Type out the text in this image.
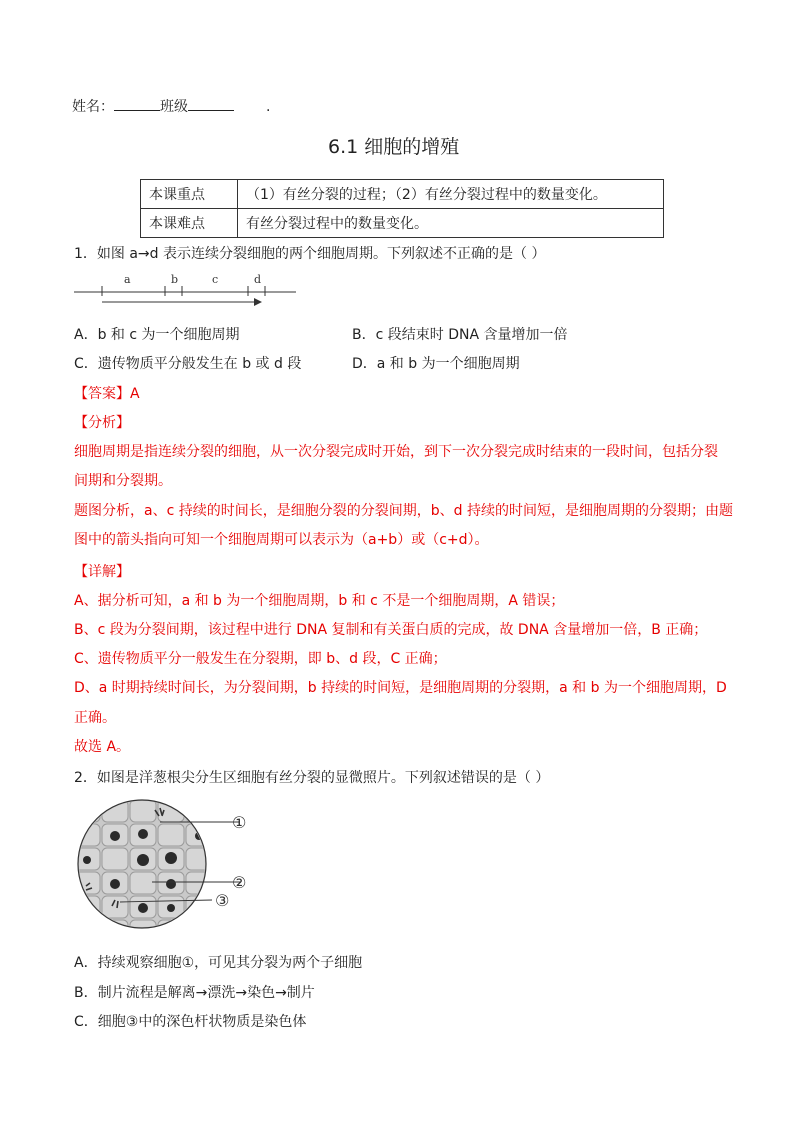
姓名：	班级	.
6.1 细胞的增殖
本课重点	（1）有丝分裂的过程；（2）有丝分裂过程中的数量变化。
本课难点	有丝分裂过程中的数量变化。
1．如图 a→d 表示连续分裂细胞的两个细胞周期。下列叙述不正确的是（ ）
a	b	c	d
A．b 和 c 为一个细胞周期	B．c 段结束时 DNA 含量增加一倍
C．遗传物质平分般发生在 b 或 d 段	D．a 和 b 为一个细胞周期
【答案】A
【分析】
细胞周期是指连续分裂的细胞，从一次分裂完成时开始，到下一次分裂完成时结束的一段时间，包括分裂
间期和分裂期。
题图分析，a、c 持续的时间长，是细胞分裂的分裂间期，b、d 持续的时间短，是细胞周期的分裂期；由题
图中的箭头指向可知一个细胞周期可以表示为（a+b）或（c+d）。
【详解】
A、据分析可知，a 和 b 为一个细胞周期，b 和 c 不是一个细胞周期，A 错误；
B、c 段为分裂间期，该过程中进行 DNA 复制和有关蛋白质的完成，故 DNA 含量增加一倍，B 正确；
C、遗传物质平分一般发生在分裂期，即 b、d 段，C 正确；
D、a 时期持续时间长，为分裂间期，b 持续的时间短，是细胞周期的分裂期，a 和 b 为一个细胞周期，D
正确。
故选 A。
2．如图是洋葱根尖分生区细胞有丝分裂的显微照片。下列叙述错误的是（ ）
①
②
③
A．持续观察细胞①，可见其分裂为两个子细胞
B．制片流程是解离→漂洗→染色→制片
C．细胞③中的深色杆状物质是染色体
